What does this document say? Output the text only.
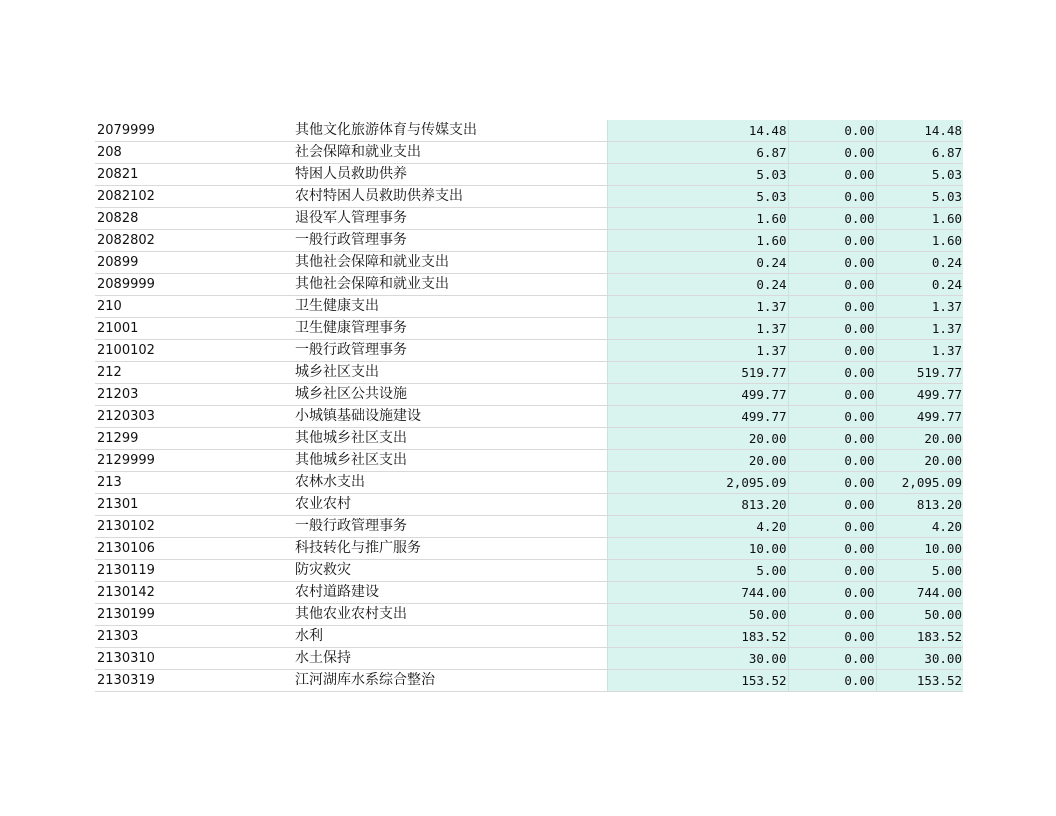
2079999	其他文化旅游体育与传媒支出	14.48	0.00	14.48
208	社会保障和就业支出	6.87	0.00	6.87
20821	特困人员救助供养	5.03	0.00	5.03
2082102	农村特困人员救助供养支出	5.03	0.00	5.03
20828	退役军人管理事务	1.60	0.00	1.60
2082802	一般行政管理事务	1.60	0.00	1.60
20899	其他社会保障和就业支出	0.24	0.00	0.24
2089999	其他社会保障和就业支出	0.24	0.00	0.24
210	卫生健康支出	1.37	0.00	1.37
21001	卫生健康管理事务	1.37	0.00	1.37
2100102	一般行政管理事务	1.37	0.00	1.37
212	城乡社区支出	519.77	0.00	519.77
21203	城乡社区公共设施	499.77	0.00	499.77
2120303	小城镇基础设施建设	499.77	0.00	499.77
21299	其他城乡社区支出	20.00	0.00	20.00
2129999	其他城乡社区支出	20.00	0.00	20.00
213	农林水支出	2,095.09	0.00	2,095.09
21301	农业农村	813.20	0.00	813.20
2130102	一般行政管理事务	4.20	0.00	4.20
2130106	科技转化与推广服务	10.00	0.00	10.00
2130119	防灾救灾	5.00	0.00	5.00
2130142	农村道路建设	744.00	0.00	744.00
2130199	其他农业农村支出	50.00	0.00	50.00
21303	水利	183.52	0.00	183.52
2130310	水土保持	30.00	0.00	30.00
2130319	江河湖库水系综合整治	153.52	0.00	153.52
